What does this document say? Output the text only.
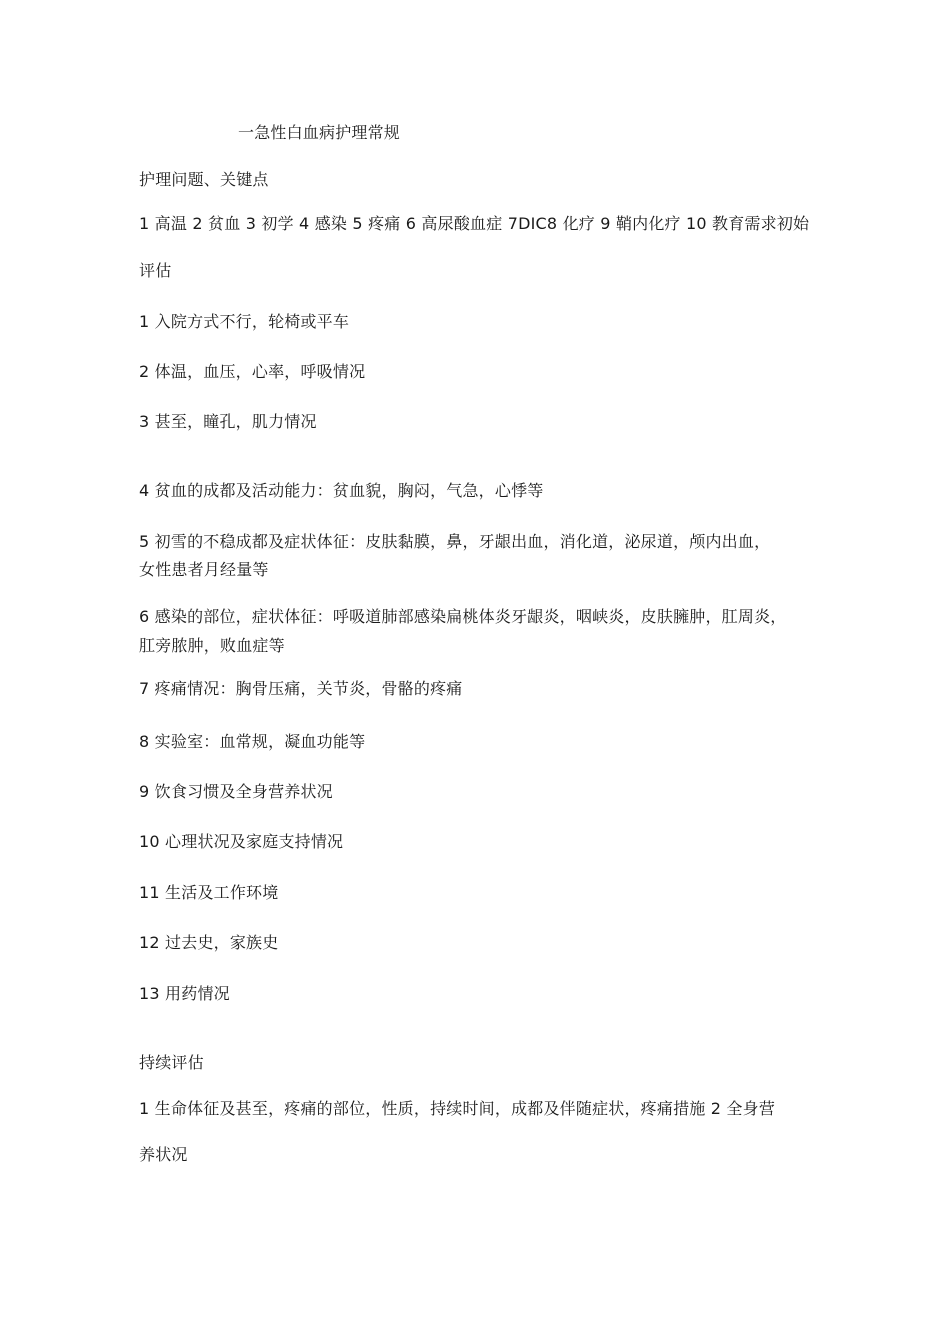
一急性白血病护理常规
护理问题、关键点
1 高温 2 贫血 3 初学 4 感染 5 疼痛 6 高尿酸血症 7DIC8 化疗 9 鞘内化疗 10 教育需求初始
评估
1 入院方式不行，轮椅或平车
2 体温，血压，心率，呼吸情况
3 甚至，瞳孔，肌力情况
4 贫血的成都及活动能力：贫血貌，胸闷，气急，心悸等
5 初雪的不稳成都及症状体征：皮肤黏膜，鼻，牙龈出血，消化道，泌尿道，颅内出血，
女性患者月经量等
6 感染的部位，症状体征：呼吸道肺部感染扁桃体炎牙龈炎，咽峡炎，皮肤臃肿，肛周炎，
肛旁脓肿，败血症等
7 疼痛情况：胸骨压痛，关节炎，骨骼的疼痛
8 实验室：血常规，凝血功能等
9 饮食习惯及全身营养状况
10 心理状况及家庭支持情况
11 生活及工作环境
12 过去史，家族史
13 用药情况
持续评估
1 生命体征及甚至，疼痛的部位，性质，持续时间，成都及伴随症状，疼痛措施 2 全身营
养状况
